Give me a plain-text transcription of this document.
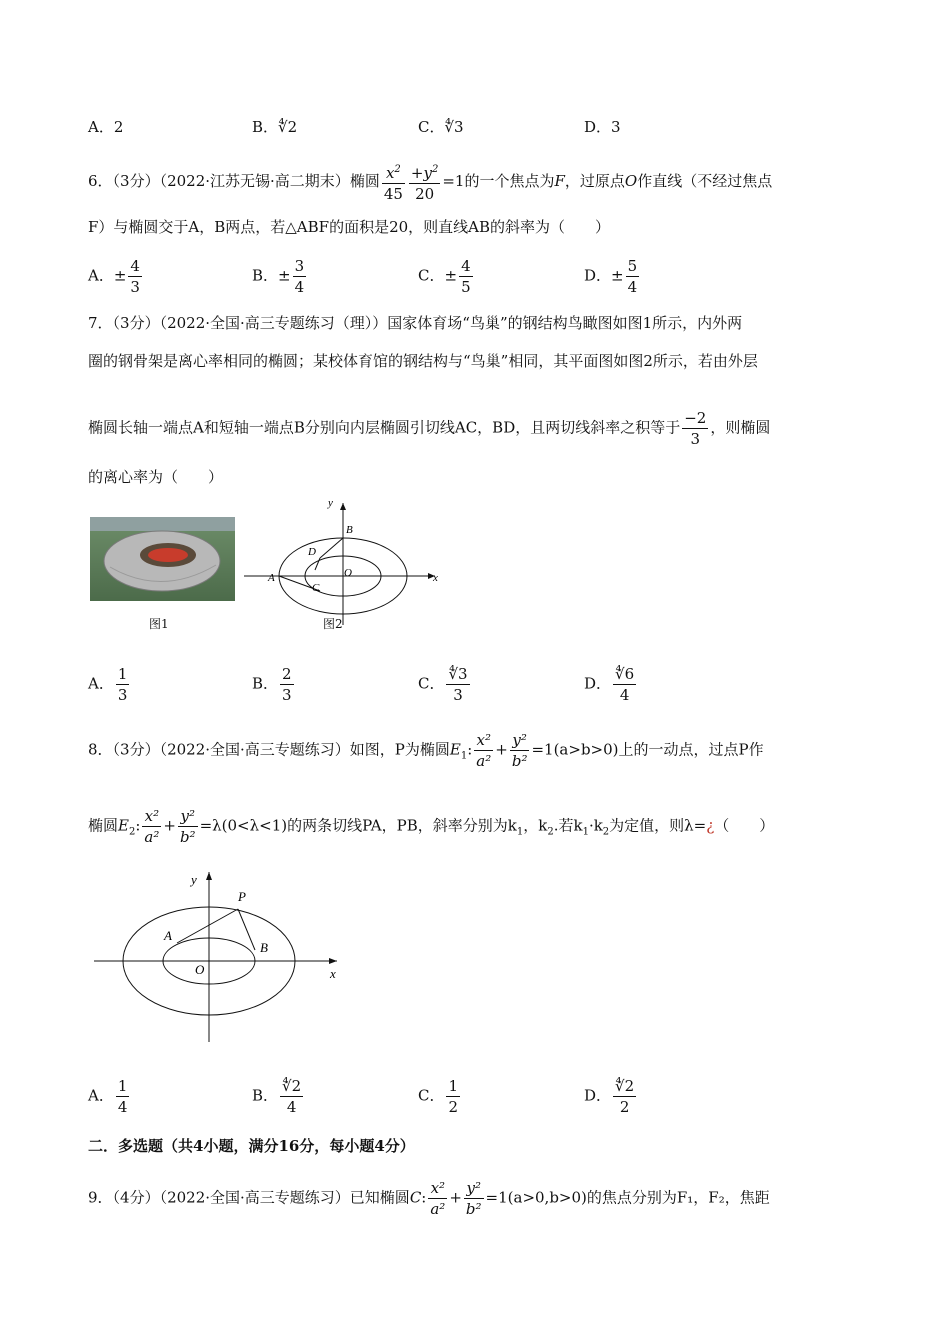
A．2	B．∜2	C．∜3	D．3
6．（3分）（2022·江苏无锡·高二期末）椭圆 $\frac{x^2}{45} \frac{+y^2}{20} =1$的一个焦点为F，过原点O作直线（不经过焦点
F）与椭圆交于A，B两点，若△ABF的面积是20，则直线AB的斜率为（　　）
A．± $\frac{4}{3}$	B．± $\frac{3}{4}$	C．± $\frac{4}{5}$	D．± $\frac{5}{4}$
7．（3分）（2022·全国·高三专题练习（理））国家体育场“鸟巢”的钢结构鸟瞰图如图1所示，内外两
圈的钢骨架是离心率相同的椭圆；某校体育馆的钢结构与“鸟巢”相同，其平面图如图2所示，若由外层
椭圆长轴一端点A和短轴一端点B分别向内层椭圆引切线AC，BD，且两切线斜率之积等于 $\frac{-2}{3}$ ，则椭圆
的离心率为（　　）
图1
y
x
A
B
C
D
O
图2
A． $\frac{1}{3}$	B． $\frac{2}{3}$	C． $\frac{∜3}{3}$	D． $\frac{∜6}{4}$
8．（3分）（2022·全国·高三专题练习）如图，P为椭圆$E_1$: $\frac{\text{x²}}{\text{a²}} + \frac{\text{y²}}{\text{b²}} =1(a>b>0)$上的一动点，过点P作
椭圆$E_2$: $\frac{\text{x²}}{\text{a²}} + \frac{\text{y²}}{\text{b²}} =\lambda(0<\lambda<1)$的两条切线PA，PB，斜率分别为$k_1$，$k_2$.若$k_1\cdot k_2$为定值，则λ=¿（　　）
y
x
P
A
B
O
A． $\frac{1}{4}$	B． $\frac{∜2}{4}$	C． $\frac{1}{2}$	D． $\frac{∜2}{2}$
二．多选题（共4小题，满分16分，每小题4分）
9．（4分）（2022·全国·高三专题练习）已知椭圆C: $\frac{\text{x²}}{\text{a²}} + \frac{\text{y²}}{\text{b²}} =1(a>0,b>0)$的焦点分别为F₁，F₂，焦距
